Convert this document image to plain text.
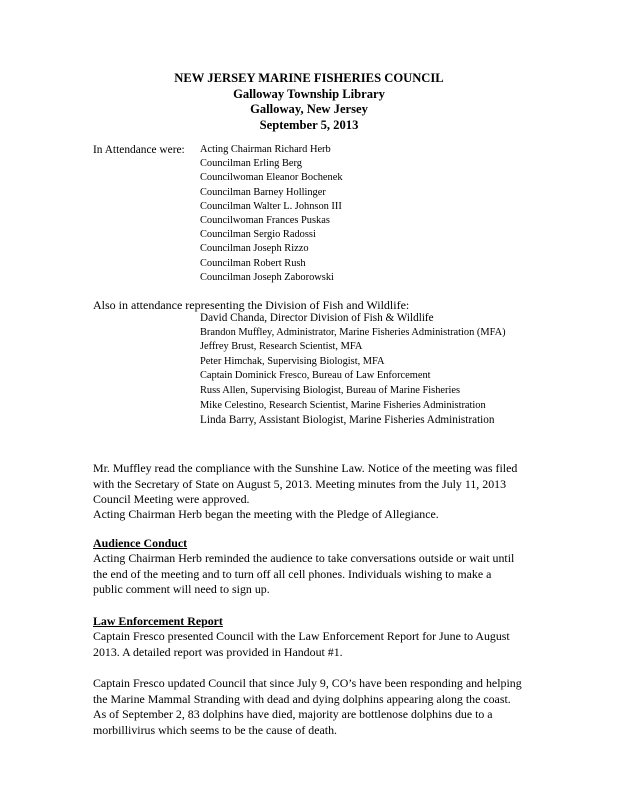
NEW JERSEY MARINE FISHERIES COUNCIL
Galloway Township Library
Galloway, New Jersey
September 5, 2013
In Attendance were: Acting Chairman Richard Herb
Councilman Erling Berg
Councilwoman Eleanor Bochenek
Councilman Barney Hollinger
Councilman Walter L. Johnson III
Councilwoman Frances Puskas
Councilman Sergio Radossi
Councilman Joseph Rizzo
Councilman Robert Rush
Councilman Joseph Zaborowski
Also in attendance representing the Division of Fish and Wildlife:
David Chanda, Director Division of Fish & Wildlife
Brandon Muffley, Administrator, Marine Fisheries Administration (MFA)
Jeffrey Brust, Research Scientist, MFA
Peter Himchak, Supervising Biologist, MFA
Captain Dominick Fresco, Bureau of Law Enforcement
Russ Allen, Supervising Biologist, Bureau of Marine Fisheries
Mike Celestino, Research Scientist, Marine Fisheries Administration
Linda Barry, Assistant Biologist, Marine Fisheries Administration
Mr. Muffley read the compliance with the Sunshine Law. Notice of the meeting was filed
with the Secretary of State on August 5, 2013. Meeting minutes from the July 11, 2013
Council Meeting were approved.
Acting Chairman Herb began the meeting with the Pledge of Allegiance.
Audience Conduct
Acting Chairman Herb reminded the audience to take conversations outside or wait until
the end of the meeting and to turn off all cell phones. Individuals wishing to make a
public comment will need to sign up.
Law Enforcement Report
Captain Fresco presented Council with the Law Enforcement Report for June to August
2013. A detailed report was provided in Handout #1.
Captain Fresco updated Council that since July 9, CO’s have been responding and helping
the Marine Mammal Stranding with dead and dying dolphins appearing along the coast.
As of September 2, 83 dolphins have died, majority are bottlenose dolphins due to a
morbillivirus which seems to be the cause of death.
